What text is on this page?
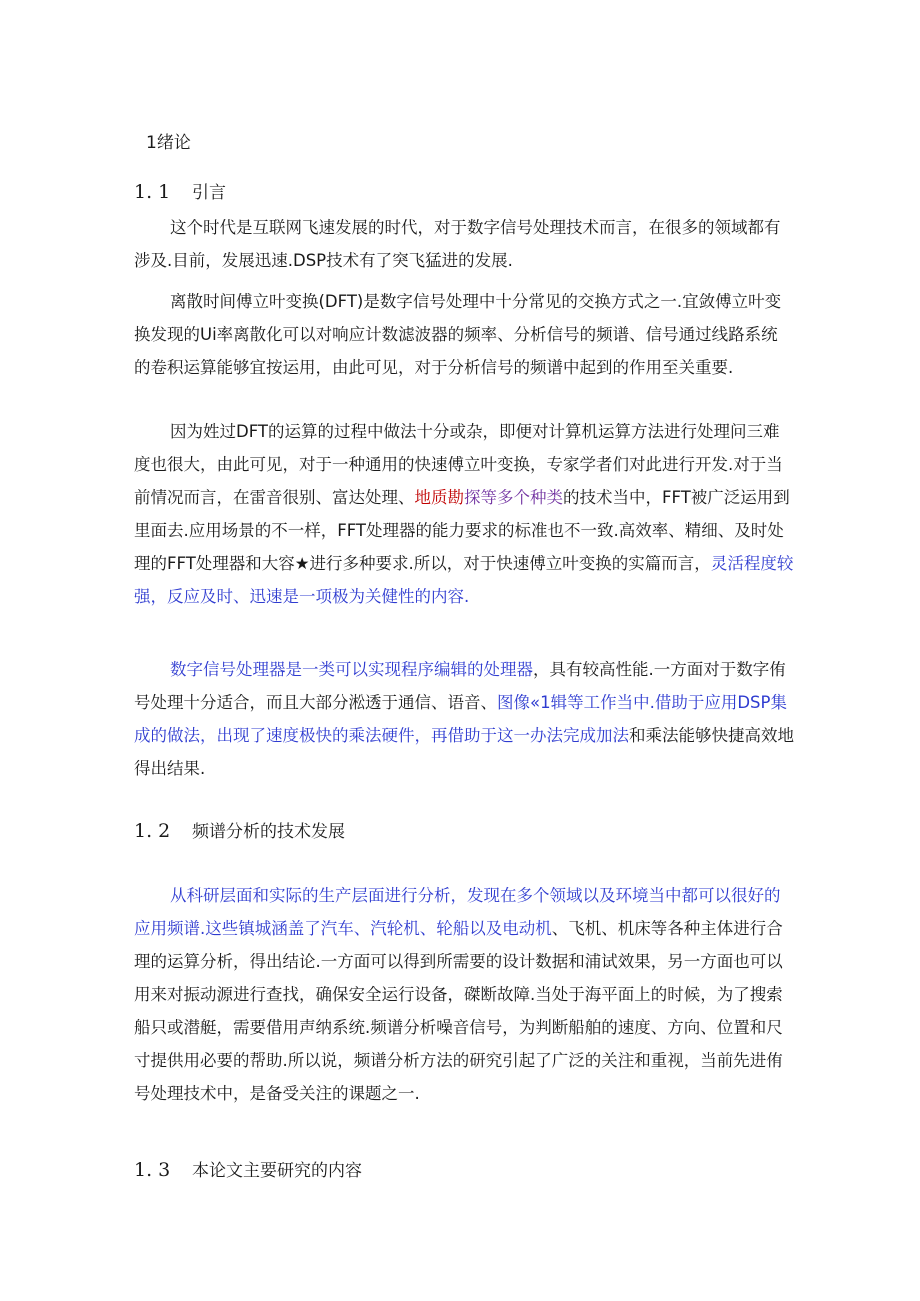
1绪论
1. 1 引言

这个时代是互联网飞速发展的时代，对于数字信号处理技术而言，在很多的领域都有涉及.目前，发展迅速.DSP技术有了突飞猛进的发展.

离散时间傅立叶变换(DFT)是数字信号处理中十分常见的交换方式之一.宜敛傅立叶变换发现的Ui率离散化可以对响应计数滤波器的频率、分析信号的频谱、信号通过线路系统的卷积运算能够宜按运用，由此可见，对于分析信号的频谱中起到的作用至关重要.

因为姓过DFT的运算的过程中做法十分或杂，即便对计算机运算方法进行处理问三难度也很大，由此可见，对于一种通用的快速傅立叶变换，专家学者们对此进行开发.对于当前情况而言，在雷音很别、富达处理、地质勘探等多个种类的技术当中，FFT被广泛运用到里面去.应用场景的不一样，FFT处理器的能力要求的标准也不一致.高效率、精细、及时处理的FFT处理器和大容★进行多种要求.所以，对于快速傅立叶变换的实篇而言，灵活程度较强，反应及时、迅速是一项极为关健性的内容.

数字信号处理器是一类可以实现程序编辑的处理器，具有较高性能.一方面对于数字侑号处理十分适合，而且大部分淞透于通信、语音、图像«1辑等工作当中.借助于应用DSP集成的做法，出现了速度极快的乘法硬件，再借助于这一办法完成加法和乘法能够快捷高效地得出结果.

1. 2 频谱分析的技术发展

从科研层面和实际的生产层面进行分析，发现在多个领域以及环境当中都可以很好的应用频谱.这些镇城涵盖了汽车、汽轮机、轮船以及电动机、飞机、机床等各种主体进行合理的运算分析，得出结论.一方面可以得到所需要的设计数据和浦试效果，另一方面也可以用来对振动源进行查找，确保安全运行设备，磔断故障.当处于海平面上的时候，为了搜索船只或潜艇，需要借用声纳系统.频谱分析噪音信号，为判断船舶的速度、方向、位置和尺寸提供用必要的帮助.所以说，频谱分析方法的研究引起了广泛的关注和重视，当前先进侑号处理技术中，是备受关注的课题之一.

1. 3 本论文主要研究的内容
